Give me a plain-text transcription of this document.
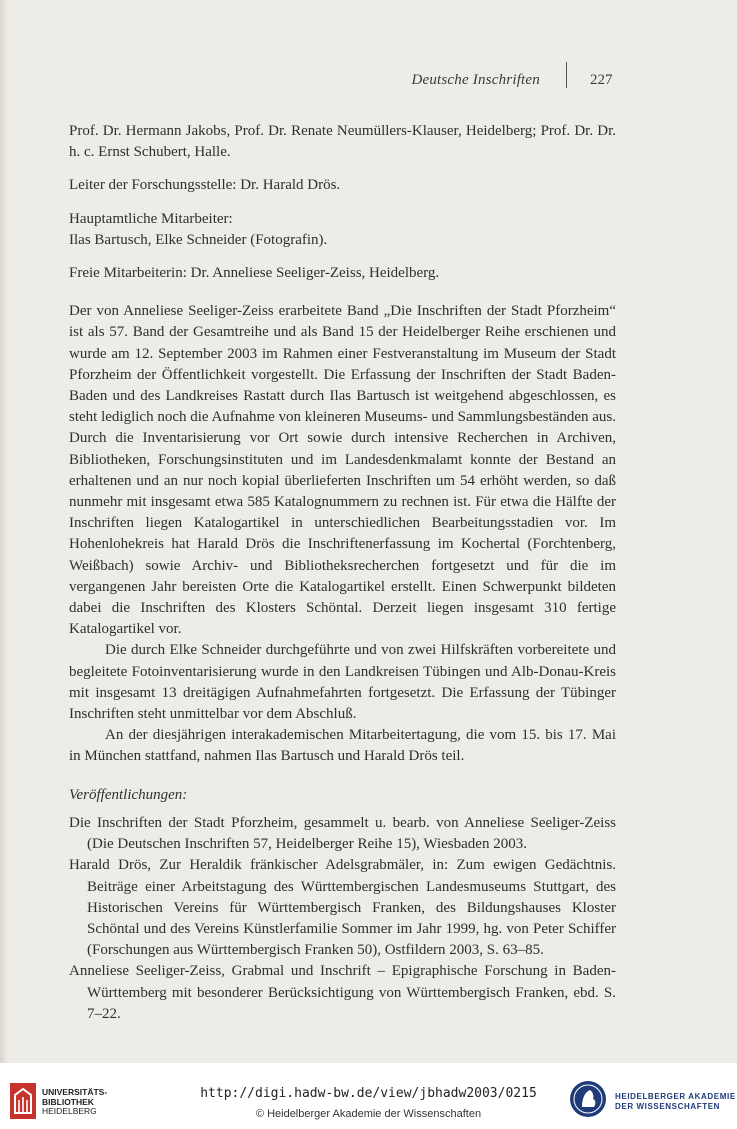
Deutsche Inschriften	227

Prof. Dr. Hermann Jakobs, Prof. Dr. Renate Neumüllers-Klauser, Heidelberg; Prof. Dr. Dr. h. c. Ernst Schubert, Halle.

Leiter der Forschungsstelle: Dr. Harald Drös.

Hauptamtliche Mitarbeiter:

Ilas Bartusch, Elke Schneider (Fotografin).

Freie Mitarbeiterin: Dr. Anneliese Seeliger-Zeiss, Heidelberg.

Der von Anneliese Seeliger-Zeiss erarbeitete Band „Die Inschriften der Stadt Pforzheim“ ist als 57. Band der Gesamtreihe und als Band 15 der Heidelberger Reihe erschienen und wurde am 12. September 2003 im Rahmen einer Festveranstaltung im Museum der Stadt Pforzheim der Öffentlichkeit vorgestellt. Die Erfassung der Inschriften der Stadt Baden-Baden und des Landkreises Rastatt durch Ilas Bartusch ist weitgehend abgeschlossen, es steht lediglich noch die Aufnahme von kleineren Museums- und Sammlungsbeständen aus. Durch die Inventarisierung vor Ort sowie durch intensive Recherchen in Archiven, Bibliotheken, Forschungsinstituten und im Landesdenkmalamt konnte der Bestand an erhaltenen und an nur noch kopial überlieferten Inschriften um 54 erhöht werden, so daß nunmehr mit insgesamt etwa 585 Katalognummern zu rechnen ist. Für etwa die Hälfte der Inschriften liegen Katalogartikel in unterschiedlichen Bearbeitungsstadien vor. Im Hohenlohekreis hat Harald Drös die Inschriftenerfassung im Kochertal (Forchtenberg, Weißbach) sowie Archiv- und Bibliotheksrecherchen fortgesetzt und für die im vergangenen Jahr bereisten Orte die Katalogartikel erstellt. Einen Schwerpunkt bildeten dabei die Inschriften des Klosters Schöntal. Derzeit liegen insgesamt 310 fertige Katalogartikel vor.

Die durch Elke Schneider durchgeführte und von zwei Hilfskräften vorbereitete und begleitete Fotoinventarisierung wurde in den Landkreisen Tübingen und Alb-Donau-Kreis mit insgesamt 13 dreitägigen Aufnahmefahrten fortgesetzt. Die Erfassung der Tübinger Inschriften steht unmittelbar vor dem Abschluß.

An der diesjährigen interakademischen Mitarbeitertagung, die vom 15. bis 17. Mai in München stattfand, nahmen Ilas Bartusch und Harald Drös teil.

Veröffentlichungen:

Die Inschriften der Stadt Pforzheim, gesammelt u. bearb. von Anneliese Seeliger-Zeiss (Die Deutschen Inschriften 57, Heidelberger Reihe 15), Wiesbaden 2003.

Harald Drös, Zur Heraldik fränkischer Adelsgrabmäler, in: Zum ewigen Gedächtnis. Beiträge einer Arbeitstagung des Württembergischen Landesmuseums Stuttgart, des Historischen Vereins für Württembergisch Franken, des Bildungshauses Kloster Schöntal und des Vereins Künstlerfamilie Sommer im Jahr 1999, hg. von Peter Schiffer (Forschungen aus Württembergisch Franken 50), Ostfildern 2003, S. 63–85.

Anneliese Seeliger-Zeiss, Grabmal und Inschrift – Epigraphische Forschung in Baden-Württemberg mit besonderer Berücksichtigung von Württembergisch Franken, ebd. S. 7–22.

UNIVERSITÄTS-
BIBLIOTHEK
HEIDELBERG
http://digi.hadw-bw.de/view/jbhadw2003/0215
© Heidelberger Akademie der Wissenschaften
HEIDELBERGER AKADEMIE
DER WISSENSCHAFTEN
